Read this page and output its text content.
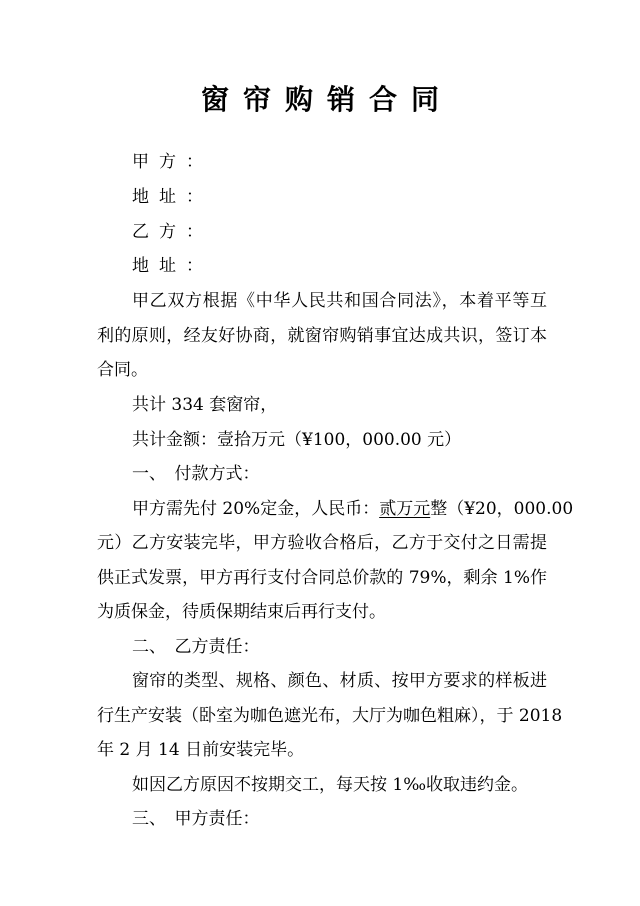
窗帘购销合同
甲方：
地址：
乙方：
地址：
甲乙双方根据《中华人民共和国合同法》，本着平等互
利的原则，经友好协商，就窗帘购销事宜达成共识，签订本
合同。
共计 334 套窗帘，
共计金额：壹拾万元（¥100，000.00 元）
一、　付款方式：
甲方需先付 20%定金，人民币：贰万元整（¥20，000.00
元）乙方安装完毕，甲方验收合格后，乙方于交付之日需提
供正式发票，甲方再行支付合同总价款的 79%，剩余 1%作
为质保金，待质保期结束后再行支付。
二、　乙方责任：
窗帘的类型、规格、颜色、材质、按甲方要求的样板进
行生产安装（卧室为咖色遮光布，大厅为咖色粗麻），于 2018
年 2 月 14 日前安装完毕。
如因乙方原因不按期交工，每天按 1‰收取违约金。
三、　甲方责任：
